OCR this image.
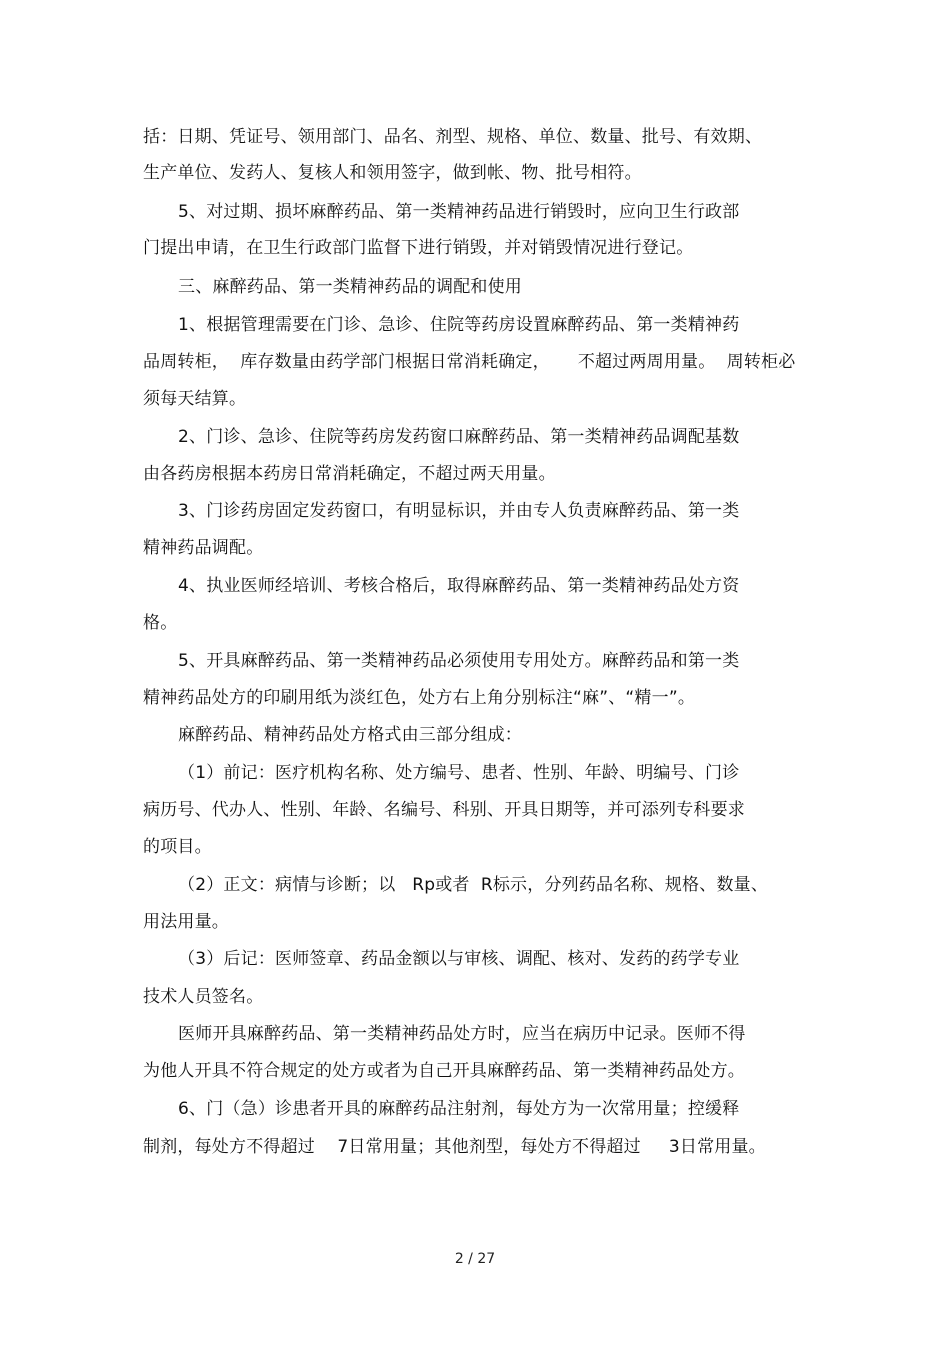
括：日期、凭证号、领用部门、品名、剂型、规格、单位、数量、批号、有效期、
生产单位、发药人、复核人和领用签字，做到帐、物、批号相符。
5、对过期、损坏麻醉药品、第一类精神药品进行销毁时，应向卫生行政部
门提出申请，在卫生行政部门监督下进行销毁，并对销毁情况进行登记。
三、麻醉药品、第一类精神药品的调配和使用
1、根据管理需要在门诊、急诊、住院等药房设置麻醉药品、第一类精神药
品周转柜，  库存数量由药学部门根据日常消耗确定，     不超过两周用量。  周转柜必
须每天结算。
2、门诊、急诊、住院等药房发药窗口麻醉药品、第一类精神药品调配基数
由各药房根据本药房日常消耗确定，不超过两天用量。
3、门诊药房固定发药窗口，有明显标识，并由专人负责麻醉药品、第一类
精神药品调配。
4、执业医师经培训、考核合格后，取得麻醉药品、第一类精神药品处方资
格。
5、开具麻醉药品、第一类精神药品必须使用专用处方。麻醉药品和第一类
精神药品处方的印刷用纸为淡红色，处方右上角分别标注“麻”、“精一”。
麻醉药品、精神药品处方格式由三部分组成：
（1）前记：医疗机构名称、处方编号、患者、性别、年龄、明编号、门诊
病历号、代办人、性别、年龄、名编号、科别、开具日期等，并可添列专科要求
的项目。
（2）正文：病情与诊断；以   Rp或者  R标示，分列药品名称、规格、数量、
用法用量。
（3）后记：医师签章、药品金额以与审核、调配、核对、发药的药学专业
技术人员签名。
医师开具麻醉药品、第一类精神药品处方时，应当在病历中记录。医师不得
为他人开具不符合规定的处方或者为自己开具麻醉药品、第一类精神药品处方。
6、门（急）诊患者开具的麻醉药品注射剂，每处方为一次常用量；控缓释
制剂，每处方不得超过    7日常用量；其他剂型，每处方不得超过     3日常用量。
2 / 27
